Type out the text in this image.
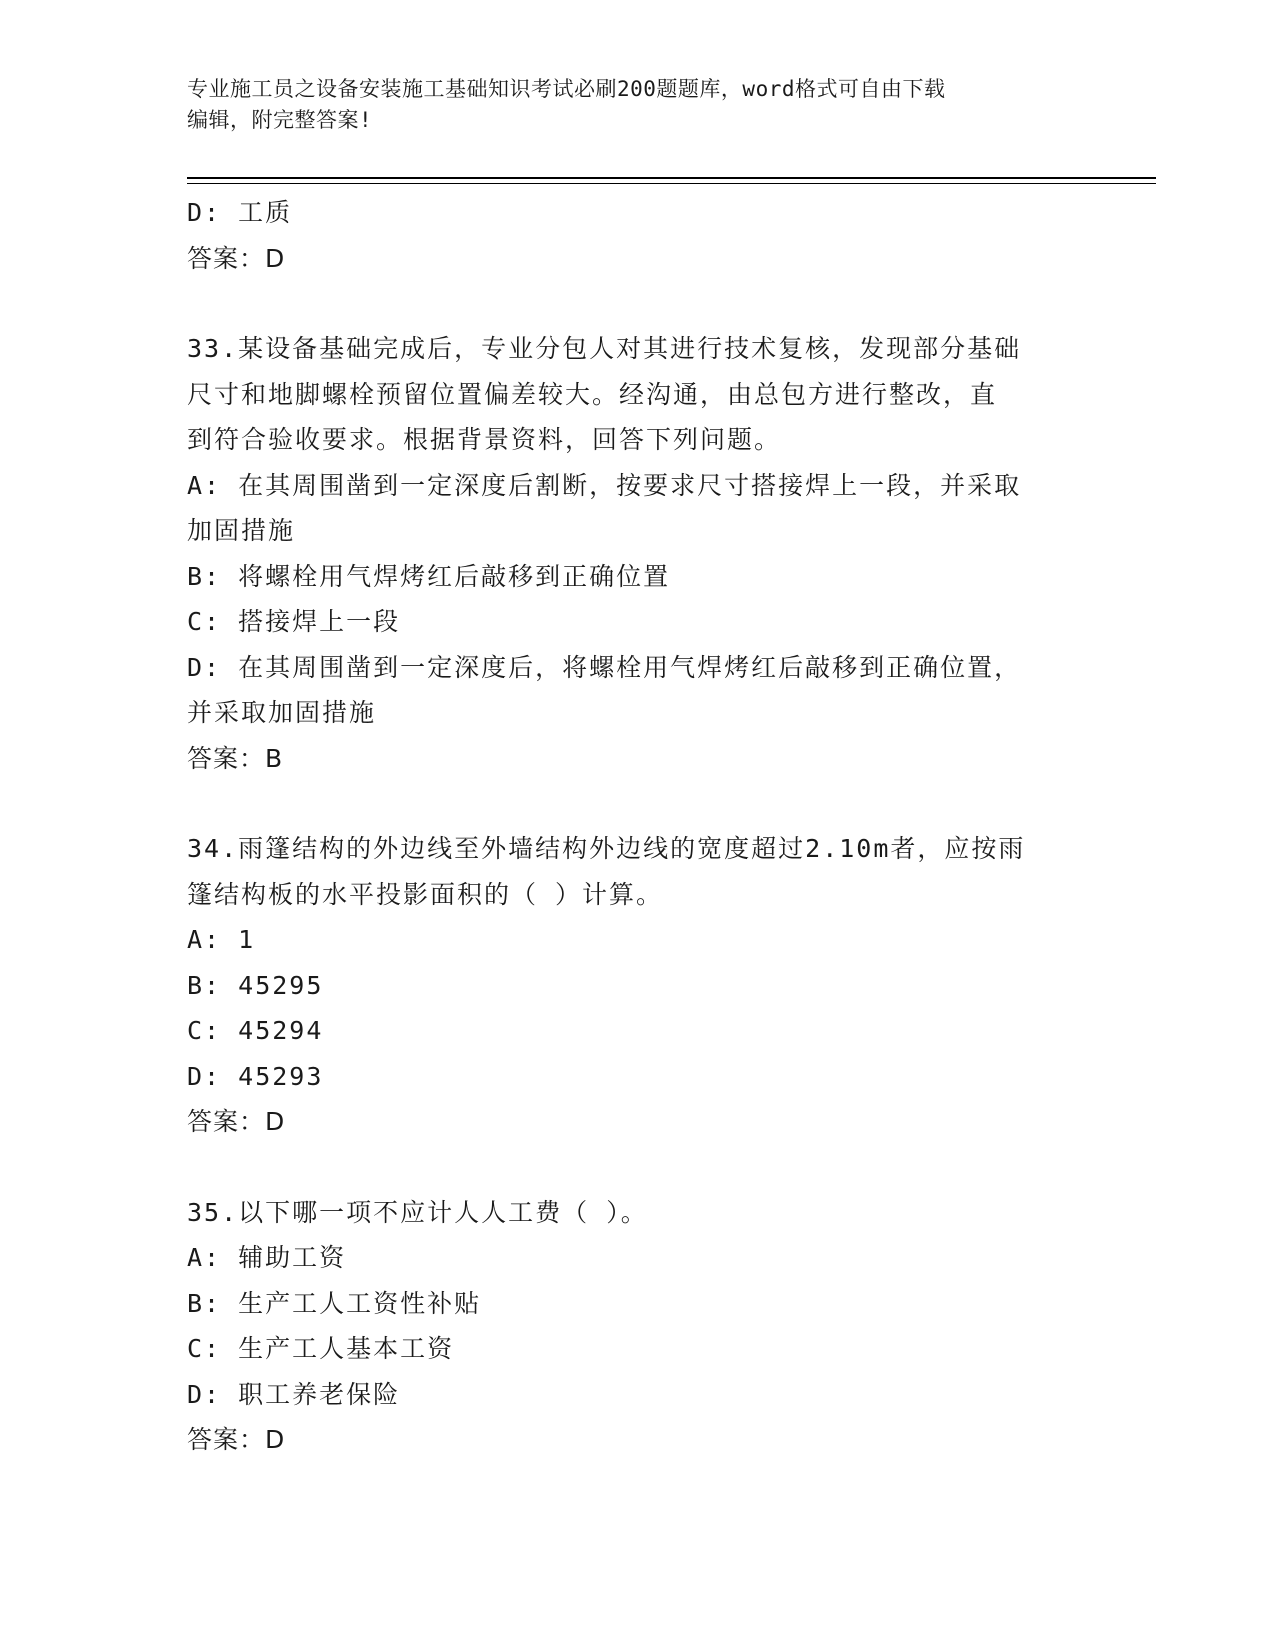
专业施工员之设备安装施工基础知识考试必刷200题题库，word格式可自由下载
编辑，附完整答案!
D: 工质
答案：D
33.某设备基础完成后，专业分包人对其进行技术复核，发现部分基础
尺寸和地脚螺栓预留位置偏差较大。经沟通，由总包方进行整改，直
到符合验收要求。根据背景资料，回答下列问题。
A: 在其周围凿到一定深度后割断，按要求尺寸搭接焊上一段，并采取
加固措施
B: 将螺栓用气焊烤红后敲移到正确位置
C: 搭接焊上一段
D: 在其周围凿到一定深度后，将螺栓用气焊烤红后敲移到正确位置，
并采取加固措施
答案：B
34.雨篷结构的外边线至外墙结构外边线的宽度超过2.10m者，应按雨
篷结构板的水平投影面积的（ ）计算。
A: 1
B: 45295
C: 45294
D: 45293
答案：D
35.以下哪一项不应计人人工费（ ）。
A: 辅助工资
B: 生产工人工资性补贴
C: 生产工人基本工资
D: 职工养老保险
答案：D
